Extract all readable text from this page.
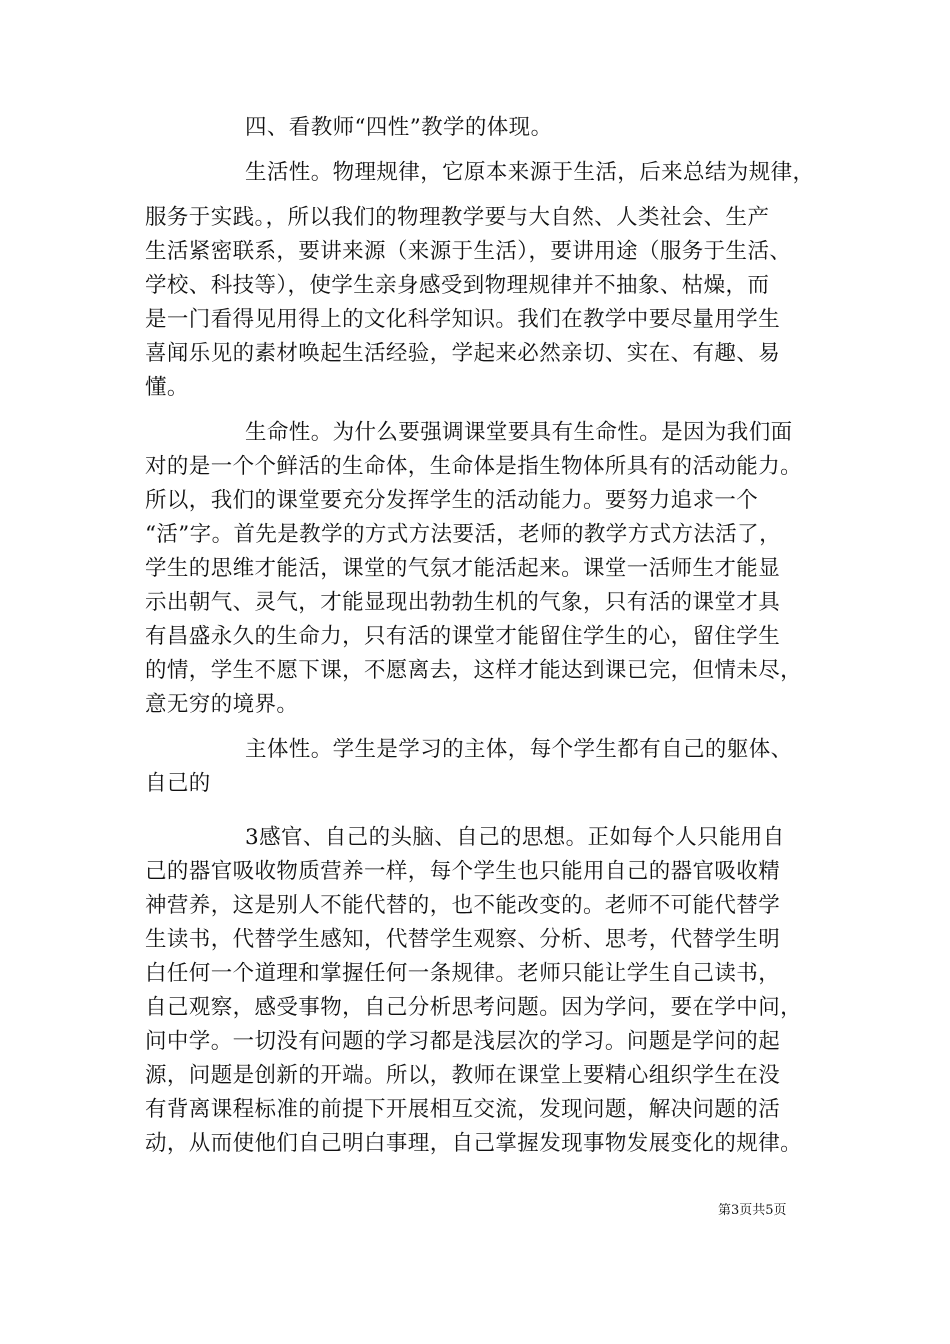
四、看教师“四性”教学的体现。
生活性。物理规律，它原本来源于生活，后来总结为规律，
服务于实践。，所以我们的物理教学要与大自然、人类社会、生产
生活紧密联系，要讲来源（来源于生活），要讲用途（服务于生活、
学校、科技等），使学生亲身感受到物理规律并不抽象、枯燥，而
是一门看得见用得上的文化科学知识。我们在教学中要尽量用学生
喜闻乐见的素材唤起生活经验，学起来必然亲切、实在、有趣、易
懂。
生命性。为什么要强调课堂要具有生命性。是因为我们面
对的是一个个鲜活的生命体，生命体是指生物体所具有的活动能力。
所以，我们的课堂要充分发挥学生的活动能力。要努力追求一个
“活”字。首先是教学的方式方法要活，老师的教学方式方法活了，
学生的思维才能活，课堂的气氛才能活起来。课堂一活师生才能显
示出朝气、灵气，才能显现出勃勃生机的气象，只有活的课堂才具
有昌盛永久的生命力，只有活的课堂才能留住学生的心，留住学生
的情，学生不愿下课，不愿离去，这样才能达到课已完，但情未尽，
意无穷的境界。
主体性。学生是学习的主体，每个学生都有自己的躯体、
自己的
3感官、自己的头脑、自己的思想。正如每个人只能用自
己的器官吸收物质营养一样，每个学生也只能用自己的器官吸收精
神营养，这是别人不能代替的，也不能改变的。老师不可能代替学
生读书，代替学生感知，代替学生观察、分析、思考，代替学生明
白任何一个道理和掌握任何一条规律。老师只能让学生自己读书，
自己观察，感受事物，自己分析思考问题。因为学问，要在学中问，
问中学。一切没有问题的学习都是浅层次的学习。问题是学问的起
源，问题是创新的开端。所以，教师在课堂上要精心组织学生在没
有背离课程标准的前提下开展相互交流，发现问题，解决问题的活
动，从而使他们自己明白事理，自己掌握发现事物发展变化的规律。
第3页共5页
